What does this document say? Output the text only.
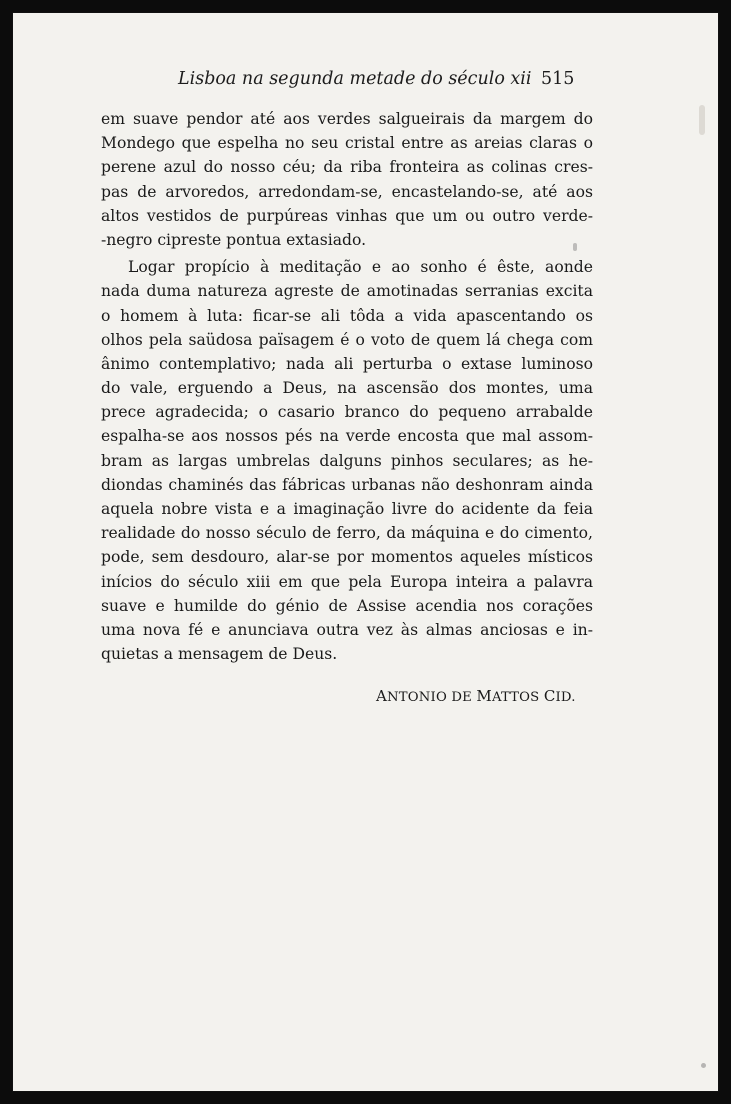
Lisboa na segunda metade do século xii 515
em suave pendor até aos verdes salgueirais da margem do
Mondego que espelha no seu cristal entre as areias claras o
perene azul do nosso céu; da riba fronteira as colinas cres-
pas de arvoredos, arredondam-se, encastelando-se, até aos
altos vestidos de purpúreas vinhas que um ou outro verde-
-negro cipreste pontua extasiado.
Logar propício à meditação e ao sonho é êste, aonde
nada duma natureza agreste de amotinadas serranias excita
o homem à luta: ficar-se ali tôda a vida apascentando os
olhos pela saüdosa païsagem é o voto de quem lá chega com
ânimo contemplativo; nada ali perturba o extase luminoso
do vale, erguendo a Deus, na ascensão dos montes, uma
prece agradecida; o casario branco do pequeno arrabalde
espalha-se aos nossos pés na verde encosta que mal assom-
bram as largas umbrelas dalguns pinhos seculares; as he-
diondas chaminés das fábricas urbanas não deshonram ainda
aquela nobre vista e a imaginação livre do acidente da feia
realidade do nosso século de ferro, da máquina e do cimento,
pode, sem desdouro, alar-se por momentos aqueles místicos
inícios do século xiii em que pela Europa inteira a palavra
suave e humilde do génio de Assise acendia nos corações
uma nova fé e anunciava outra vez às almas anciosas e in-
quietas a mensagem de Deus.
ANTONIO DE MATTOS CID.
